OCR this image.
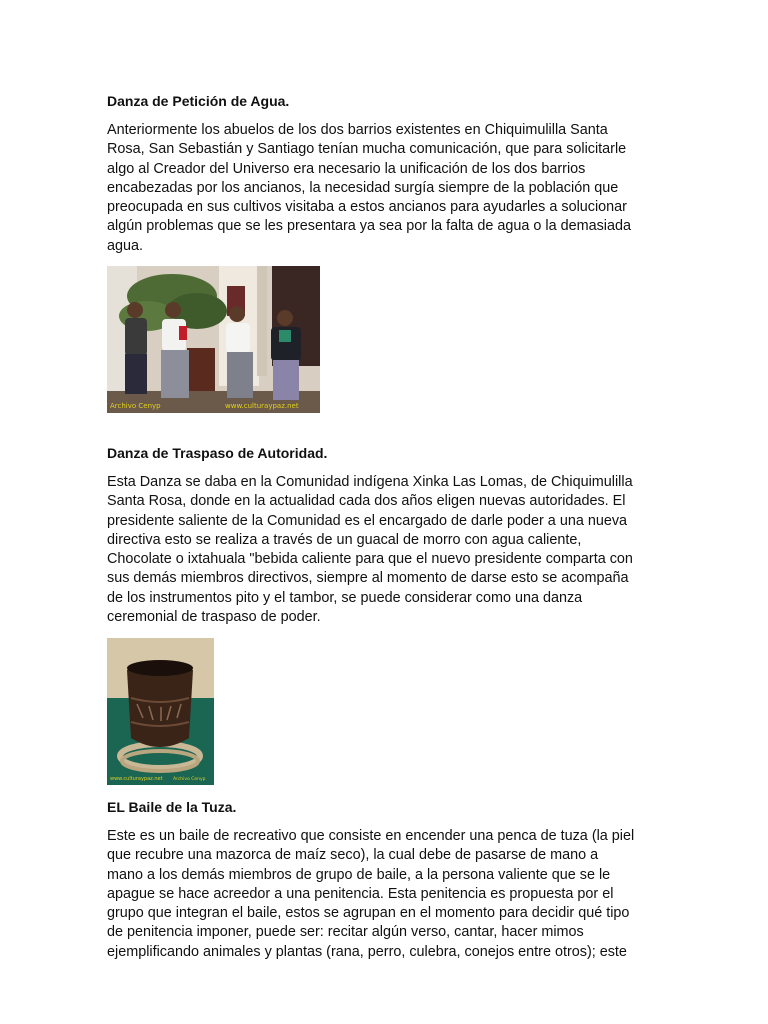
Danza de Petición de Agua.
Anteriormente los abuelos de los dos barrios existentes en Chiquimulilla Santa
Rosa, San Sebastián y Santiago tenían mucha comunicación, que para solicitarle
algo al Creador del Universo era necesario la unificación de los dos barrios
encabezadas por los ancianos, la necesidad surgía siempre de la población que
preocupada en sus cultivos visitaba a estos ancianos para ayudarles a solucionar
algún problemas que se les presentara ya sea por la falta de agua o la demasiada
agua.
Archivo Cenyp	www.culturaypaz.net
Danza de Traspaso de Autoridad.
Esta Danza se daba en la Comunidad indígena Xinka Las Lomas, de Chiquimulilla
Santa Rosa, donde en la actualidad cada dos años eligen nuevas autoridades. El
presidente saliente de la Comunidad es el encargado de darle poder a una nueva
directiva esto se realiza a través de un guacal de morro con agua caliente,
Chocolate o ixtahuala "bebida caliente para que el nuevo presidente comparta con
sus demás miembros directivos, siempre al momento de darse esto se acompaña
de los instrumentos pito y el tambor, se puede considerar como una danza
ceremonial de traspaso de poder.
www.culturaypaz.net Archivo Cenyp
EL Baile de la Tuza.
Este es un baile de recreativo que consiste en encender una penca de tuza (la piel
que recubre una mazorca de maíz seco), la cual debe de pasarse de mano a
mano a los demás miembros de grupo de baile, a la persona valiente que se le
apague se hace acreedor a una penitencia. Esta penitencia es propuesta por el
grupo que integran el baile, estos se agrupan en el momento para decidir qué tipo
de penitencia imponer, puede ser: recitar algún verso, cantar, hacer mimos
ejemplificando animales y plantas (rana, perro, culebra, conejos entre otros); este
